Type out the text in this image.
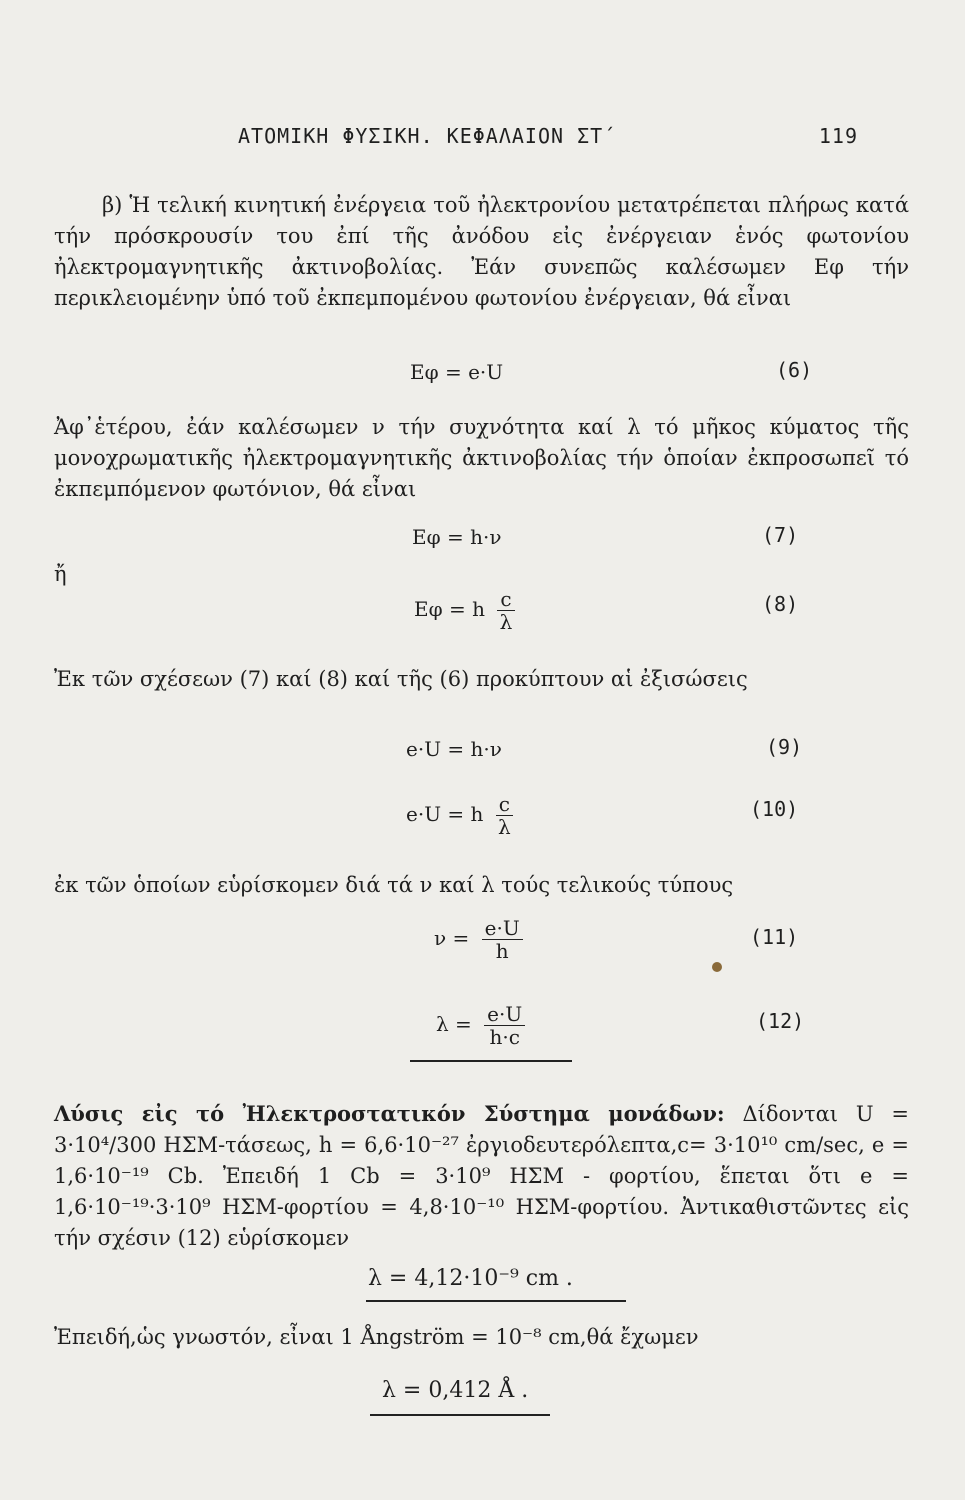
ΑΤΟΜΙΚΗ ΦΥΣΙΚΗ. ΚΕΦΑΛΑΙΟΝ ΣΤ΄	119
β) Ἡ τελική κινητική ἐνέργεια τοῦ ἠλεκτρονίου μετατρέπεται πλήρως κατά τήν πρόσκρουσίν του ἐπί τῆς ἀνόδου εἰς ἐνέργειαν ἑνός φωτονίου ἠλεκτρομαγνητικῆς ἀκτινοβολίας. Ἐάν συνεπῶς καλέσωμεν Eφ τήν περικλειομένην ὑπό τοῦ ἐκπεμπομένου φωτονίου ἐνέργειαν, θά εἶναι
Eφ = e·U	(6)
Ἀφ᾽ἑτέρου, ἐάν καλέσωμεν ν τήν συχνότητα καί λ τό μῆκος κύματος τῆς μονοχρωματικῆς ἠλεκτρομαγνητικῆς ἀκτινοβολίας τήν ὁποίαν ἐκπροσωπεῖ τό ἐκπεμπόμενον φωτόνιον, θά εἶναι
Eφ = h·ν	(7)
ἤ
Eφ = h $\frac{c}{\lambda}$	(8)
Ἐκ τῶν σχέσεων (7) καί (8) καί τῆς (6) προκύπτουν αἱ ἐξισώσεις
e·U = h·ν	(9)
e·U = h $\frac{c}{\lambda}$	(10)
ἐκ τῶν ὁποίων εὑρίσκομεν διά τά ν καί λ τούς τελικούς τύπους
$\nu = \frac{e\cdot U}{h}$	(11)
$\lambda = \frac{e\cdot U}{h\cdot c}$	(12)
Λύσις εἰς τό Ἠλεκτροστατικόν Σύστημα μονάδων: Δίδονται U = 3·10⁴/300 ΗΣΜ-τάσεως, h = 6,6·10⁻²⁷ ἐργιοδευτερόλεπτα,c= 3·10¹⁰ cm/sec, e = 1,6·10⁻¹⁹ Cb. Ἐπειδή 1 Cb = 3·10⁹ ΗΣΜ - φορτίου, ἕπεται ὅτι e = 1,6·10⁻¹⁹·3·10⁹ ΗΣΜ-φορτίου = 4,8·10⁻¹⁰ ΗΣΜ-φορτίου. Ἀντικαθιστῶντες εἰς τήν σχέσιν (12) εὑρίσκομεν
λ = 4,12·10⁻⁹ cm .
Ἐπειδή,ὡς γνωστόν, εἶναι 1 Ångström = 10⁻⁸ cm,θά ἔχωμεν
λ = 0,412 Å .
